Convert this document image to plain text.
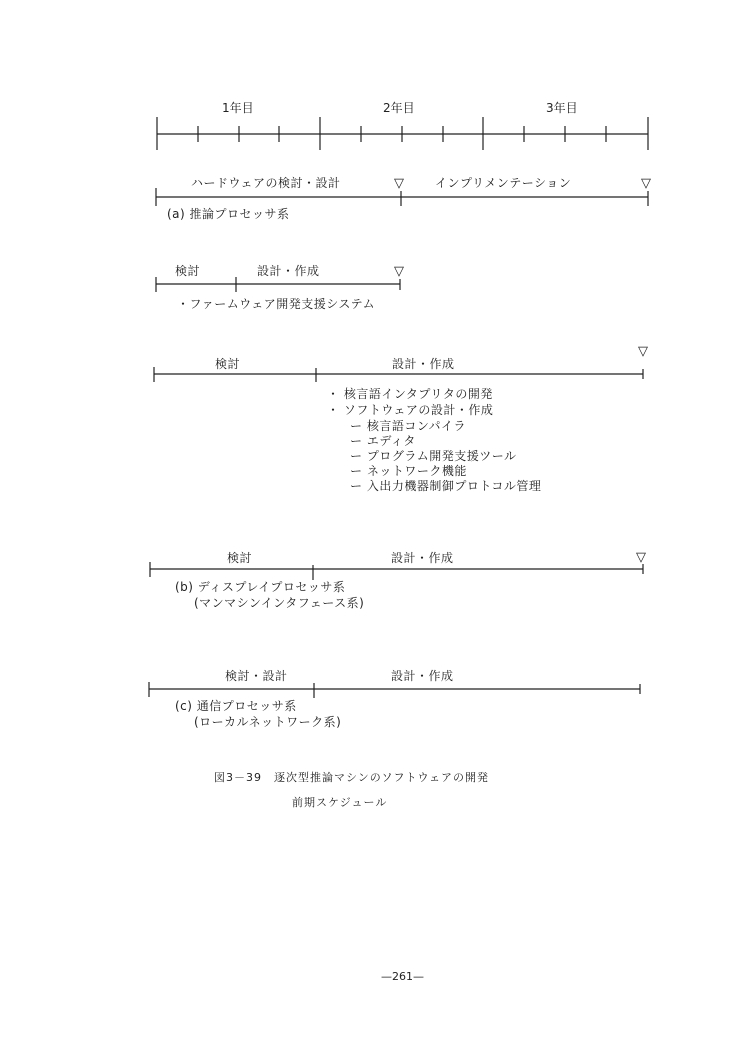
1年目	2年目	3年目
ハードウェアの検討・設計	▽	インプリメンテーション	▽
(a) 推論プロセッサ系
検討	設計・作成	▽
・ファームウェア開発支援システム
▽
検討	設計・作成
・ 核言語インタプリタの開発
・ ソフトウェアの設計・作成
ー 核言語コンパイラ
ー エディタ
ー プログラム開発支援ツール
ー ネットワーク機能
ー 入出力機器制御プロトコル管理
検討	設計・作成	▽
(b) ディスプレイプロセッサ系
(マンマシンインタフェース系)
検討・設計	設計・作成
(c) 通信プロセッサ系
(ローカルネットワーク系)
図3－39　逐次型推論マシンのソフトウェアの開発
前期スケジュール
—261—
